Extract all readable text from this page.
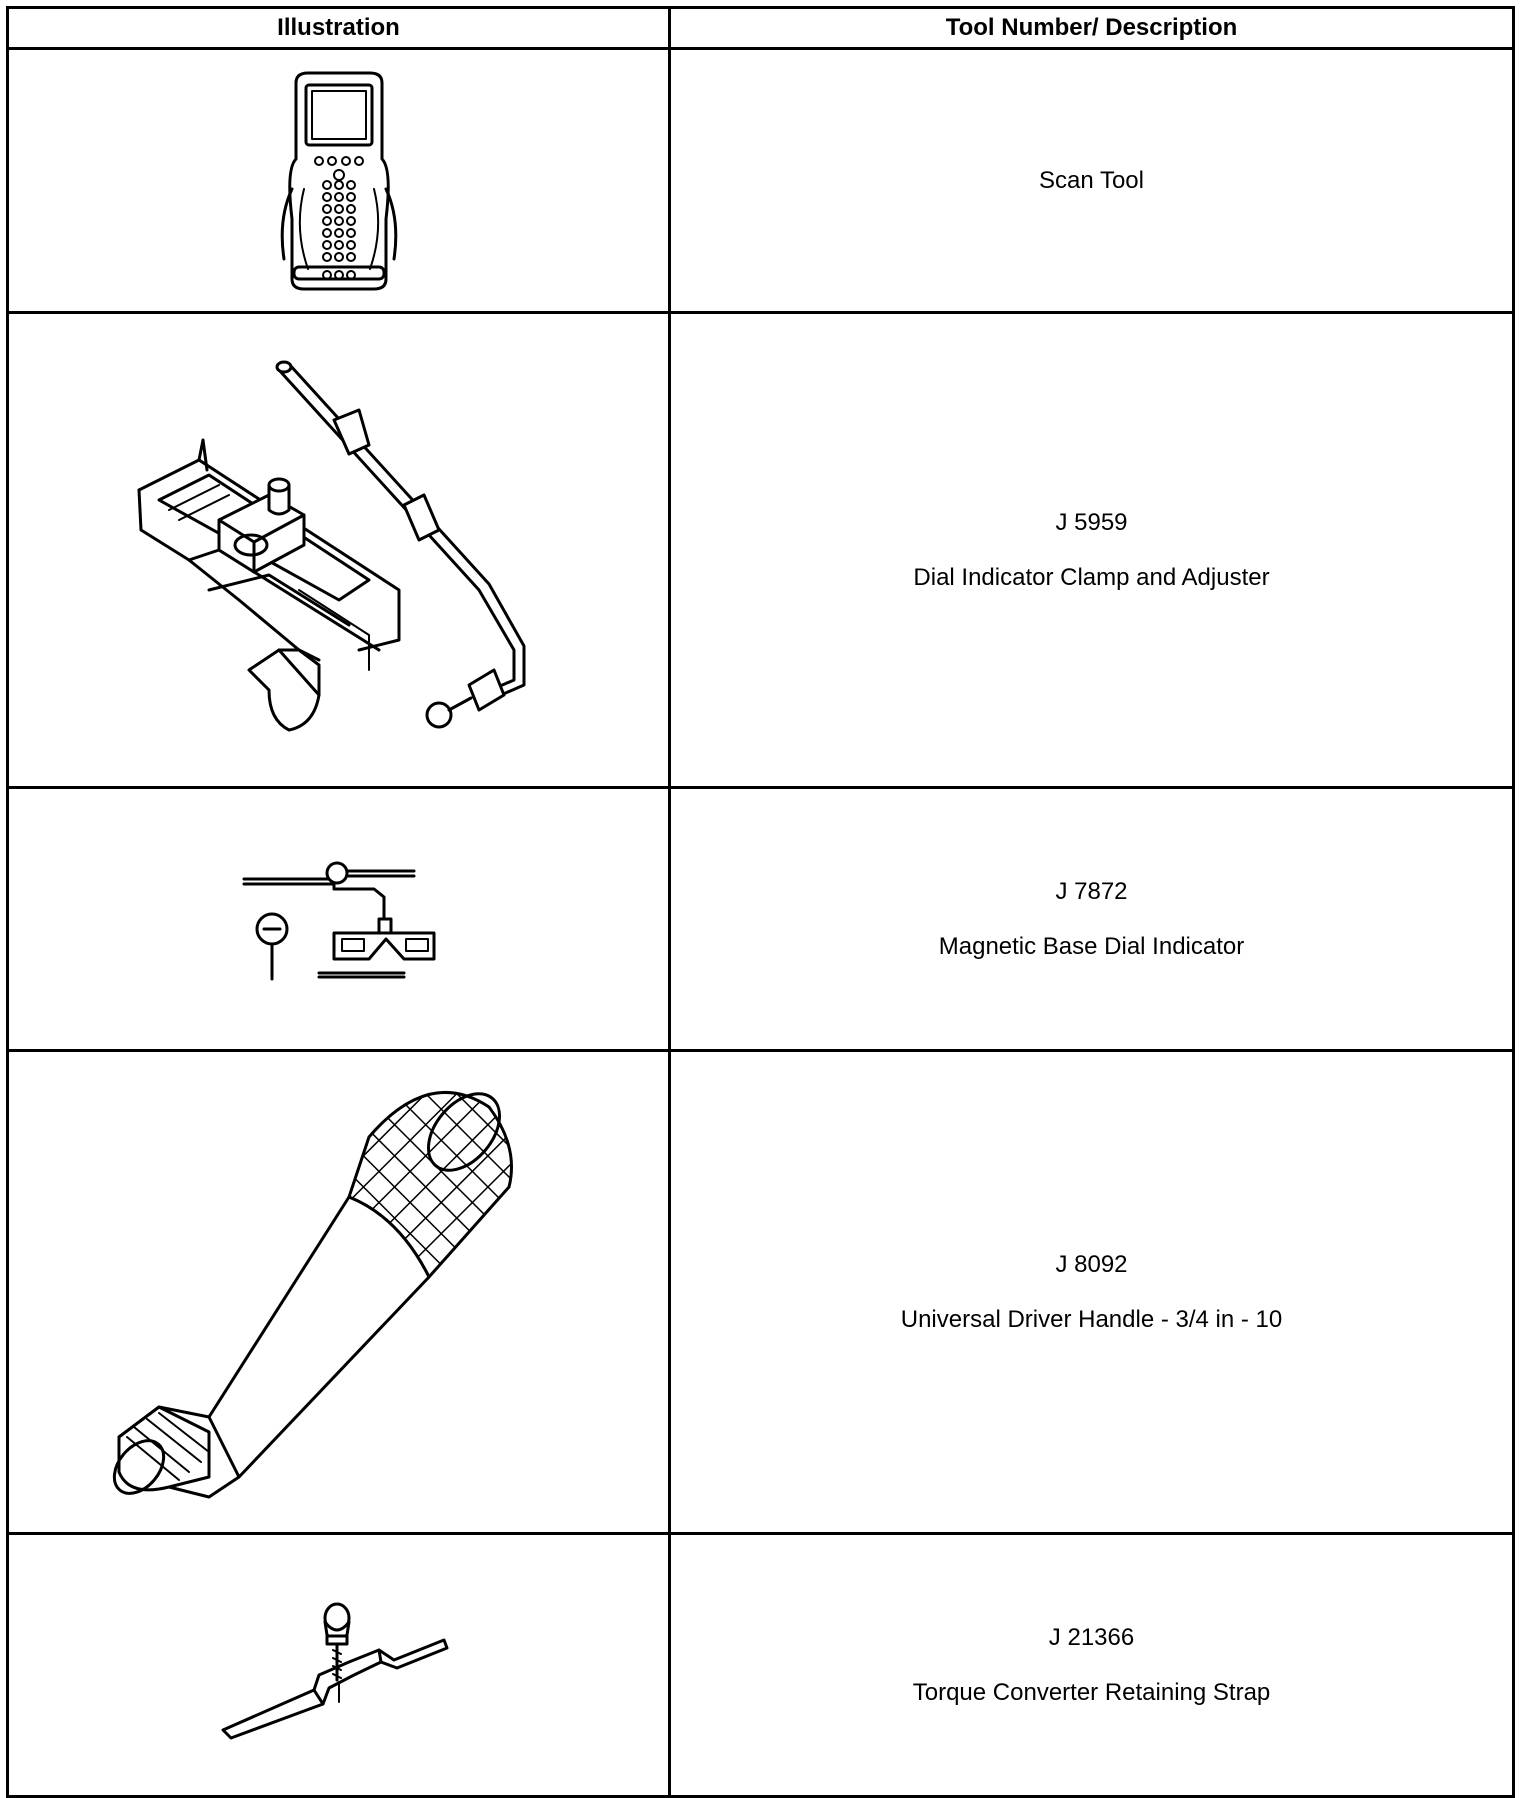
Illustration	Tool Number/ Description

Scan Tool

J 5959
Dial Indicator Clamp and Adjuster

J 7872
Magnetic Base Dial Indicator

J 8092
Universal Driver Handle - 3/4 in - 10

J 21366
Torque Converter Retaining Strap
